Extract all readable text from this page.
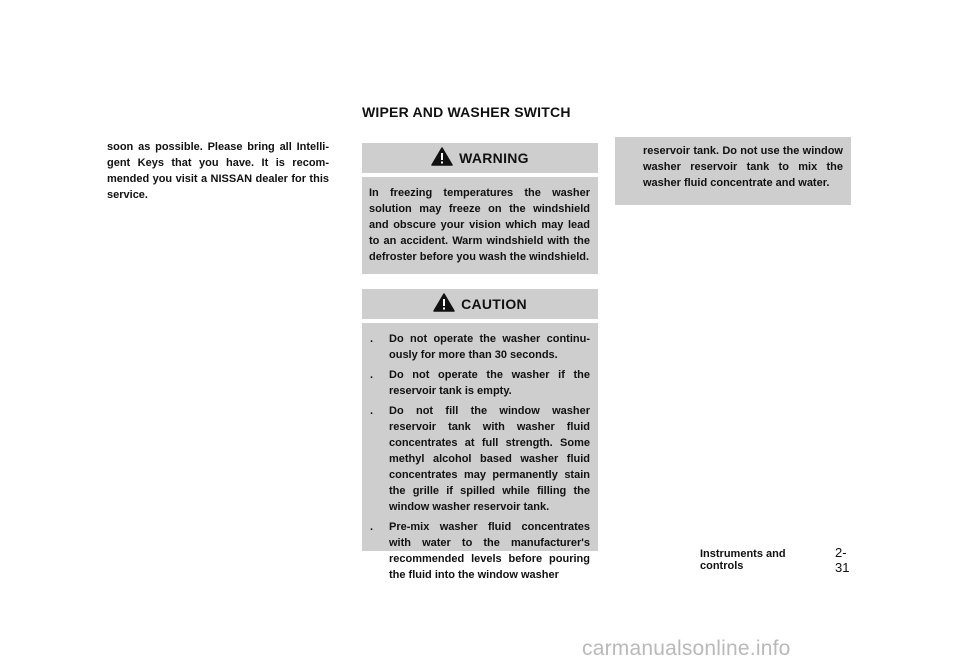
WIPER AND WASHER SWITCH

soon as possible. Please bring all Intelli-gent Keys that you have. It is recom-mended you visit a NISSAN dealer for this service.

WARNING

In freezing temperatures the washer solution may freeze on the windshield and obscure your vision which may lead to an accident. Warm windshield with the defroster before you wash the windshield.

CAUTION
. Do not operate the washer continu-ously for more than 30 seconds.
. Do not operate the washer if the reservoir tank is empty.
. Do not fill the window washer reservoir tank with washer fluid concentrates at full strength. Some methyl alcohol based washer fluid concentrates may permanently stain the grille if spilled while filling the window washer reservoir tank.
. Pre-mix washer fluid concentrates with water to the manufacturer's recommended levels before pouring the fluid into the window washer

reservoir tank. Do not use the window washer reservoir tank to mix the washer fluid concentrate and water.

Instruments and controls
2-31
carmanualsonline.info
